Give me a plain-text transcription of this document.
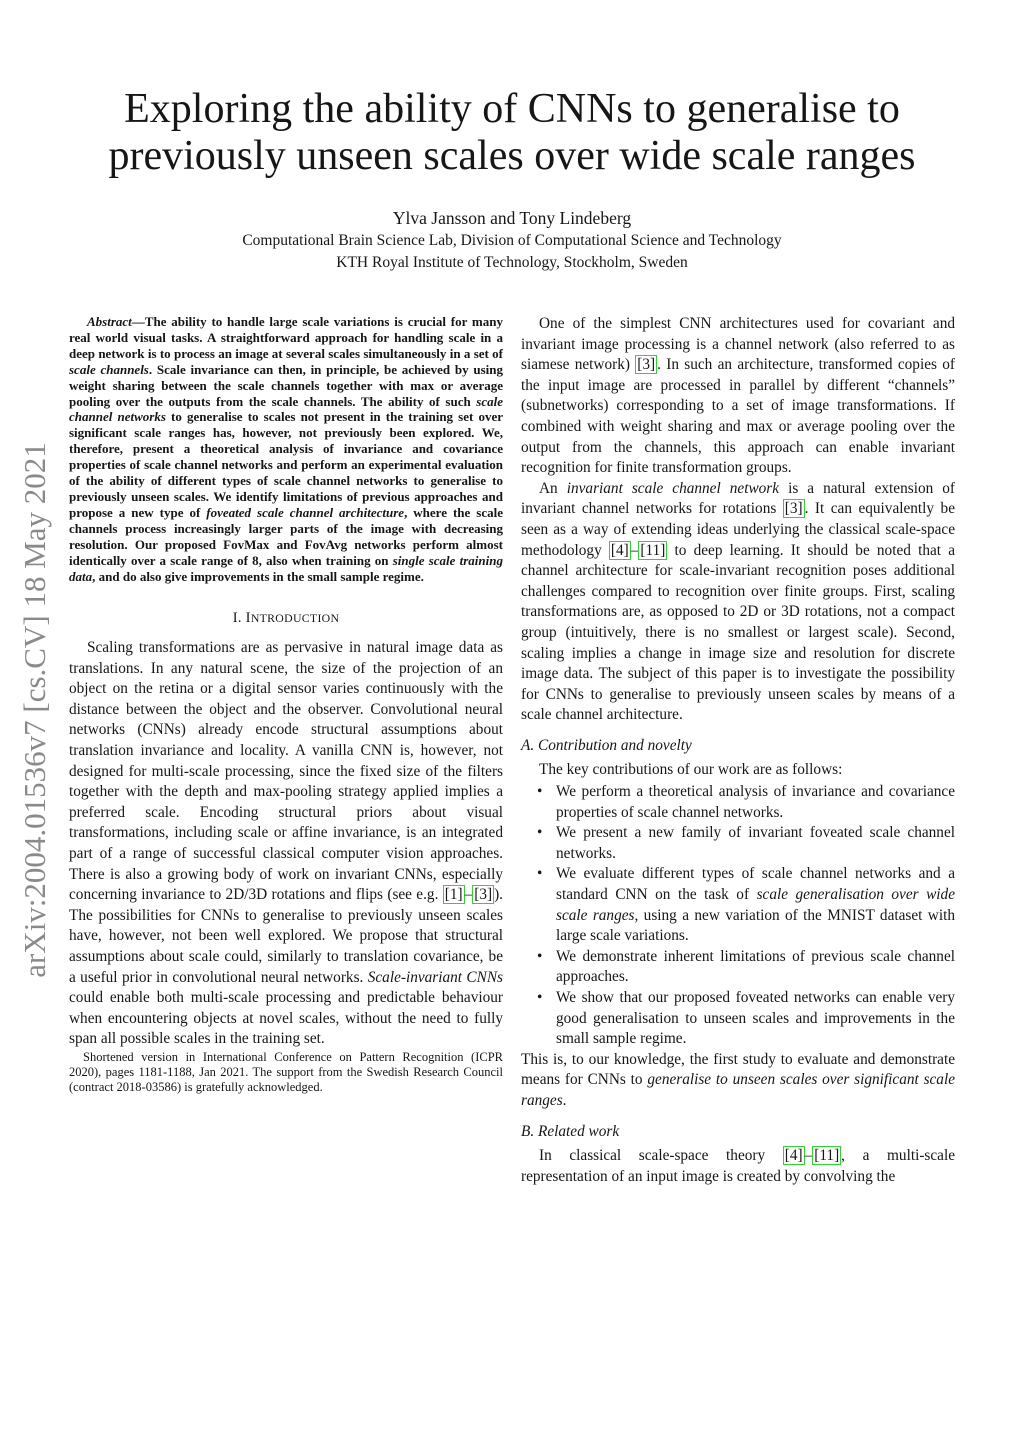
Exploring the ability of CNNs to generalise to previously unseen scales over wide scale ranges
Ylva Jansson and Tony Lindeberg
Computational Brain Science Lab, Division of Computational Science and Technology
KTH Royal Institute of Technology, Stockholm, Sweden
arXiv:2004.01536v7 [cs.CV] 18 May 2021

Abstract—The ability to handle large scale variations is crucial for many real world visual tasks. A straightforward approach for handling scale in a deep network is to process an image at several scales simultaneously in a set of scale channels. Scale invariance can then, in principle, be achieved by using weight sharing between the scale channels together with max or average pooling over the outputs from the scale channels. The ability of such scale channel networks to generalise to scales not present in the training set over significant scale ranges has, however, not previously been explored. We, therefore, present a theoretical analysis of invariance and covariance properties of scale channel networks and perform an experimental evaluation of the ability of different types of scale channel networks to generalise to previously unseen scales. We identify limitations of previous approaches and propose a new type of foveated scale channel architecture, where the scale channels process increasingly larger parts of the image with decreasing resolution. Our proposed FovMax and FovAvg networks perform almost identically over a scale range of 8, also when training on single scale training data, and do also give improvements in the small sample regime.

I. INTRODUCTION

Scaling transformations are as pervasive in natural image data as translations. In any natural scene, the size of the projection of an object on the retina or a digital sensor varies continuously with the distance between the object and the observer. Convolutional neural networks (CNNs) already encode structural assumptions about translation invariance and locality. A vanilla CNN is, however, not designed for multi-scale processing, since the fixed size of the filters together with the depth and max-pooling strategy applied implies a preferred scale. Encoding structural priors about visual transformations, including scale or affine invariance, is an integrated part of a range of successful classical computer vision approaches. There is also a growing body of work on invariant CNNs, especially concerning invariance to 2D/3D rotations and flips (see e.g. [1] – [3] ). The possibilities for CNNs to generalise to previously unseen scales have, however, not been well explored. We propose that structural assumptions about scale could, similarly to translation covariance, be a useful prior in convolutional neural networks. Scale-invariant CNNs could enable both multi-scale processing and predictable behaviour when encountering objects at novel scales, without the need to fully span all possible scales in the training set.

Shortened version in International Conference on Pattern Recognition (ICPR 2020), pages 1181-1188, Jan 2021. The support from the Swedish Research Council (contract 2018-03586) is gratefully acknowledged.

One of the simplest CNN architectures used for covariant and invariant image processing is a channel network (also referred to as siamese network) [3] . In such an architecture, transformed copies of the input image are processed in parallel by different “channels” (subnetworks) corresponding to a set of image transformations. If combined with weight sharing and max or average pooling over the output from the channels, this approach can enable invariant recognition for finite transformation groups.

An invariant scale channel network is a natural extension of invariant channel networks for rotations [3] . It can equivalently be seen as a way of extending ideas underlying the classical scale-space methodology [4] – [11] to deep learning. It should be noted that a channel architecture for scale-invariant recognition poses additional challenges compared to recognition over finite groups. First, scaling transformations are, as opposed to 2D or 3D rotations, not a compact group (intuitively, there is no smallest or largest scale). Second, scaling implies a change in image size and resolution for discrete image data. The subject of this paper is to investigate the possibility for CNNs to generalise to previously unseen scales by means of a scale channel architecture.

A. Contribution and novelty

The key contributions of our work are as follows:

• We perform a theoretical analysis of invariance and covariance properties of scale channel networks.
• We present a new family of invariant foveated scale channel networks.
• We evaluate different types of scale channel networks and a standard CNN on the task of scale generalisation over wide scale ranges, using a new variation of the MNIST dataset with large scale variations.
• We demonstrate inherent limitations of previous scale channel approaches.
• We show that our proposed foveated networks can enable very good generalisation to unseen scales and improvements in the small sample regime.

This is, to our knowledge, the first study to evaluate and demonstrate means for CNNs to generalise to unseen scales over significant scale ranges.

B. Related work

In classical scale-space theory [4] – [11] , a multi-scale representation of an input image is created by convolving the
